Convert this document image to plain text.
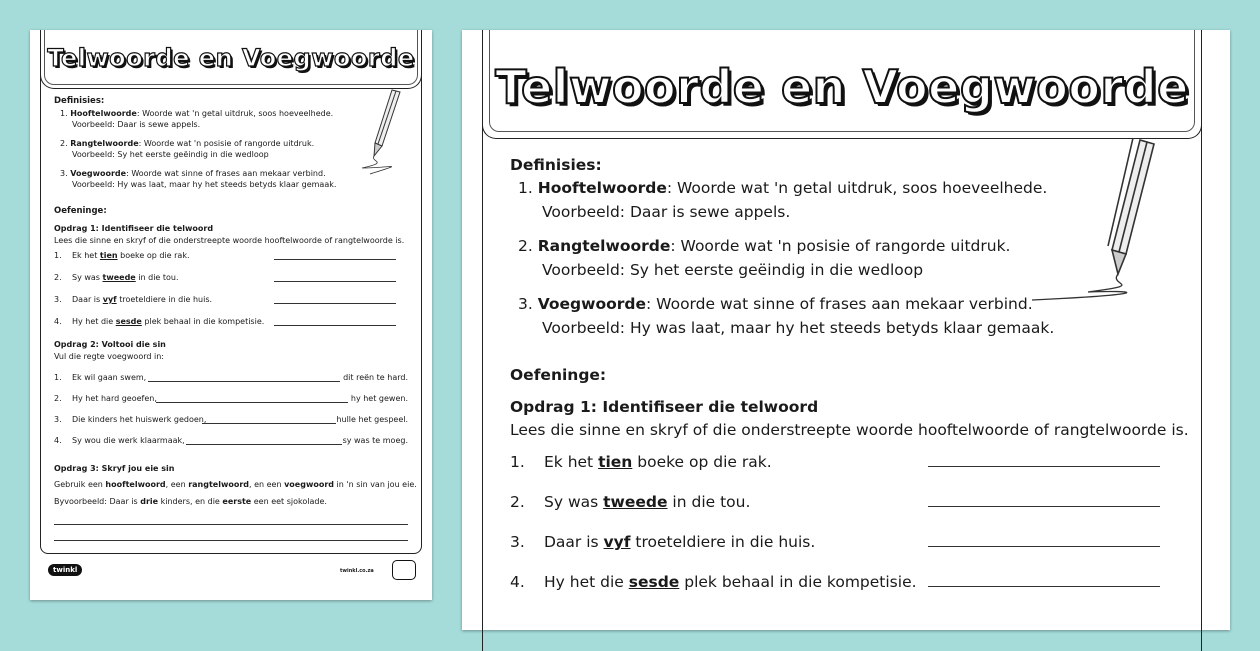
Telwoorde en Voegwoorde
Definisies:
1. Hooftelwoorde: Woorde wat 'n getal uitdruk, soos hoeveelhede.
Voorbeeld: Daar is sewe appels.
2. Rangtelwoorde: Woorde wat 'n posisie of rangorde uitdruk.
Voorbeeld: Sy het eerste geëindig in die wedloop
3. Voegwoorde: Woorde wat sinne of frases aan mekaar verbind.
Voorbeeld: Hy was laat, maar hy het steeds betyds klaar gemaak.
Oefeninge:
Opdrag 1: Identifiseer die telwoord
Lees die sinne en skryf of die onderstreepte woorde hooftelwoorde of rangtelwoorde is.
1. Ek het tien boeke op die rak.
2. Sy was tweede in die tou.
3. Daar is vyf troeteldiere in die huis.
4. Hy het die sesde plek behaal in die kompetisie.
Opdrag 2: Voltooi die sin
Vul die regte voegwoord in:
1. Ek wil gaan swem,	dit reën te hard.
2. Hy het hard geoefen,	hy het gewen.
3. Die kinders het huiswerk gedoen,	hulle het gespeel.
4. Sy wou die werk klaarmaak,	sy was te moeg.
Opdrag 3: Skryf jou eie sin
Gebruik een hooftelwoord, een rangtelwoord, en een voegwoord in 'n sin van jou eie.
Byvoorbeeld: Daar is drie kinders, en die eerste een eet sjokolade.
twinkl	twinkl.co.za
Telwoorde en Voegwoorde
Definisies:
1. Hooftelwoorde: Woorde wat 'n getal uitdruk, soos hoeveelhede.
Voorbeeld: Daar is sewe appels.
2. Rangtelwoorde: Woorde wat 'n posisie of rangorde uitdruk.
Voorbeeld: Sy het eerste geëindig in die wedloop
3. Voegwoorde: Woorde wat sinne of frases aan mekaar verbind.
Voorbeeld: Hy was laat, maar hy het steeds betyds klaar gemaak.
Oefeninge:
Opdrag 1: Identifiseer die telwoord
Lees die sinne en skryf of die onderstreepte woorde hooftelwoorde of rangtelwoorde is.
1. Ek het tien boeke op die rak.
2. Sy was tweede in die tou.
3. Daar is vyf troeteldiere in die huis.
4. Hy het die sesde plek behaal in die kompetisie.
